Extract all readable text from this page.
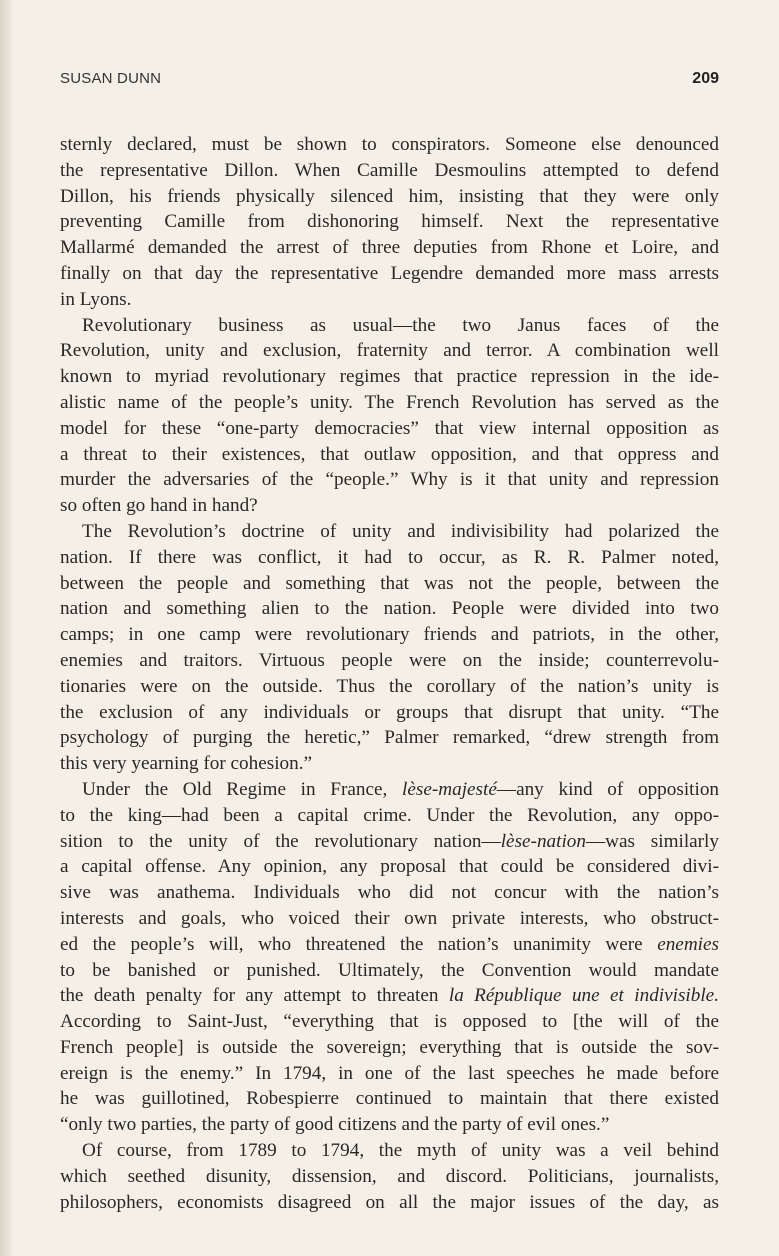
SUSAN DUNN	209
sternly declared, must be shown to conspirators. Someone else denounced
the representative Dillon. When Camille Desmoulins attempted to defend
Dillon, his friends physically silenced him, insisting that they were only
preventing Camille from dishonoring himself. Next the representative
Mallarmé demanded the arrest of three deputies from Rhone et Loire, and
finally on that day the representative Legendre demanded more mass arrests
in Lyons.
Revolutionary business as usual—the two Janus faces of the
Revolution, unity and exclusion, fraternity and terror. A combination well
known to myriad revolutionary regimes that practice repression in the ide-
alistic name of the people’s unity. The French Revolution has served as the
model for these “one-party democracies” that view internal opposition as
a threat to their existences, that outlaw opposition, and that oppress and
murder the adversaries of the “people.” Why is it that unity and repression
so often go hand in hand?
The Revolution’s doctrine of unity and indivisibility had polarized the
nation. If there was conflict, it had to occur, as R. R. Palmer noted,
between the people and something that was not the people, between the
nation and something alien to the nation. People were divided into two
camps; in one camp were revolutionary friends and patriots, in the other,
enemies and traitors. Virtuous people were on the inside; counterrevolu-
tionaries were on the outside. Thus the corollary of the nation’s unity is
the exclusion of any individuals or groups that disrupt that unity. “The
psychology of purging the heretic,” Palmer remarked, “drew strength from
this very yearning for cohesion.”
Under the Old Regime in France, lèse-majesté—any kind of opposition
to the king—had been a capital crime. Under the Revolution, any oppo-
sition to the unity of the revolutionary nation—lèse-nation—was similarly
a capital offense. Any opinion, any proposal that could be considered divi-
sive was anathema. Individuals who did not concur with the nation’s
interests and goals, who voiced their own private interests, who obstruct-
ed the people’s will, who threatened the nation’s unanimity were enemies
to be banished or punished. Ultimately, the Convention would mandate
the death penalty for any attempt to threaten la République une et indivisible.
According to Saint-Just, “everything that is opposed to [the will of the
French people] is outside the sovereign; everything that is outside the sov-
ereign is the enemy.” In 1794, in one of the last speeches he made before
he was guillotined, Robespierre continued to maintain that there existed
“only two parties, the party of good citizens and the party of evil ones.”
Of course, from 1789 to 1794, the myth of unity was a veil behind
which seethed disunity, dissension, and discord. Politicians, journalists,
philosophers, economists disagreed on all the major issues of the day, as
